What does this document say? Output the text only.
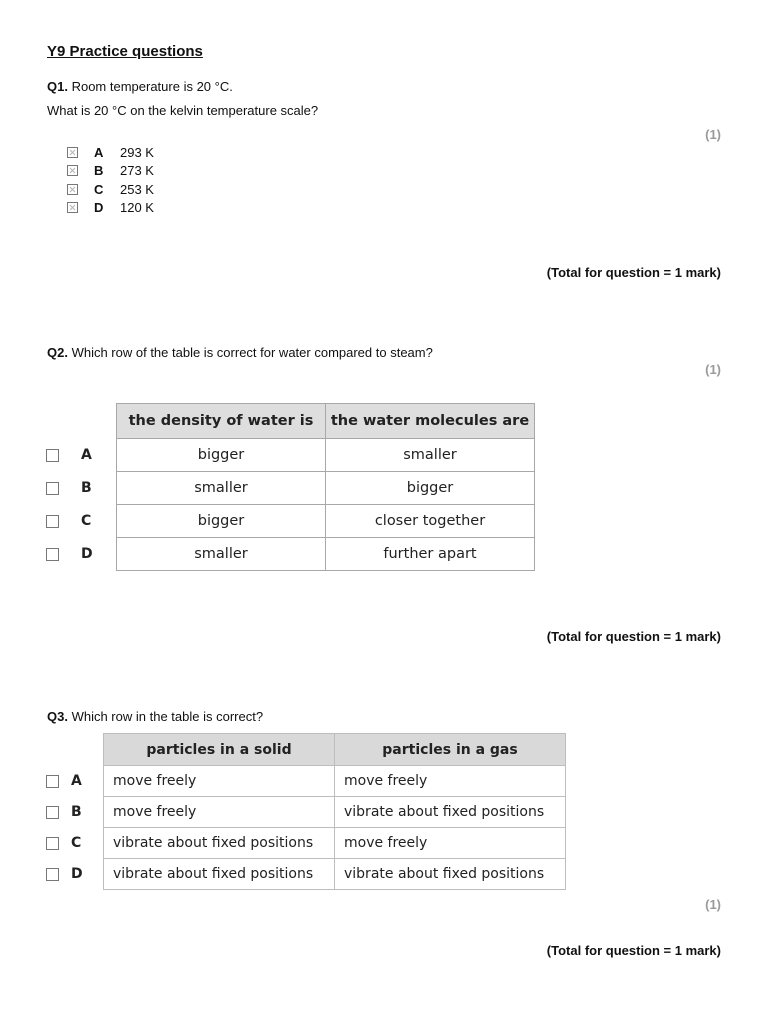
Y9 Practice questions
Q1. Room temperature is 20 °C.
What is 20 °C on the kelvin temperature scale?
(1)
A	293 K
B	273 K
C	253 K
D	120 K
(Total for question = 1 mark)
Q2. Which row of the table is correct for water compared to steam?
(1)
	the density of water is	the water molecules are

A	bigger	smaller

B	smaller	bigger

C	bigger	closer together

D	smaller	further apart
(Total for question = 1 mark)
Q3. Which row in the table is correct?
	particles in a solid	particles in a gas

A	move freely	move freely

B	move freely	vibrate about fixed positions

C	vibrate about fixed positions	move freely

D	vibrate about fixed positions	vibrate about fixed positions
(1)
(Total for question = 1 mark)
